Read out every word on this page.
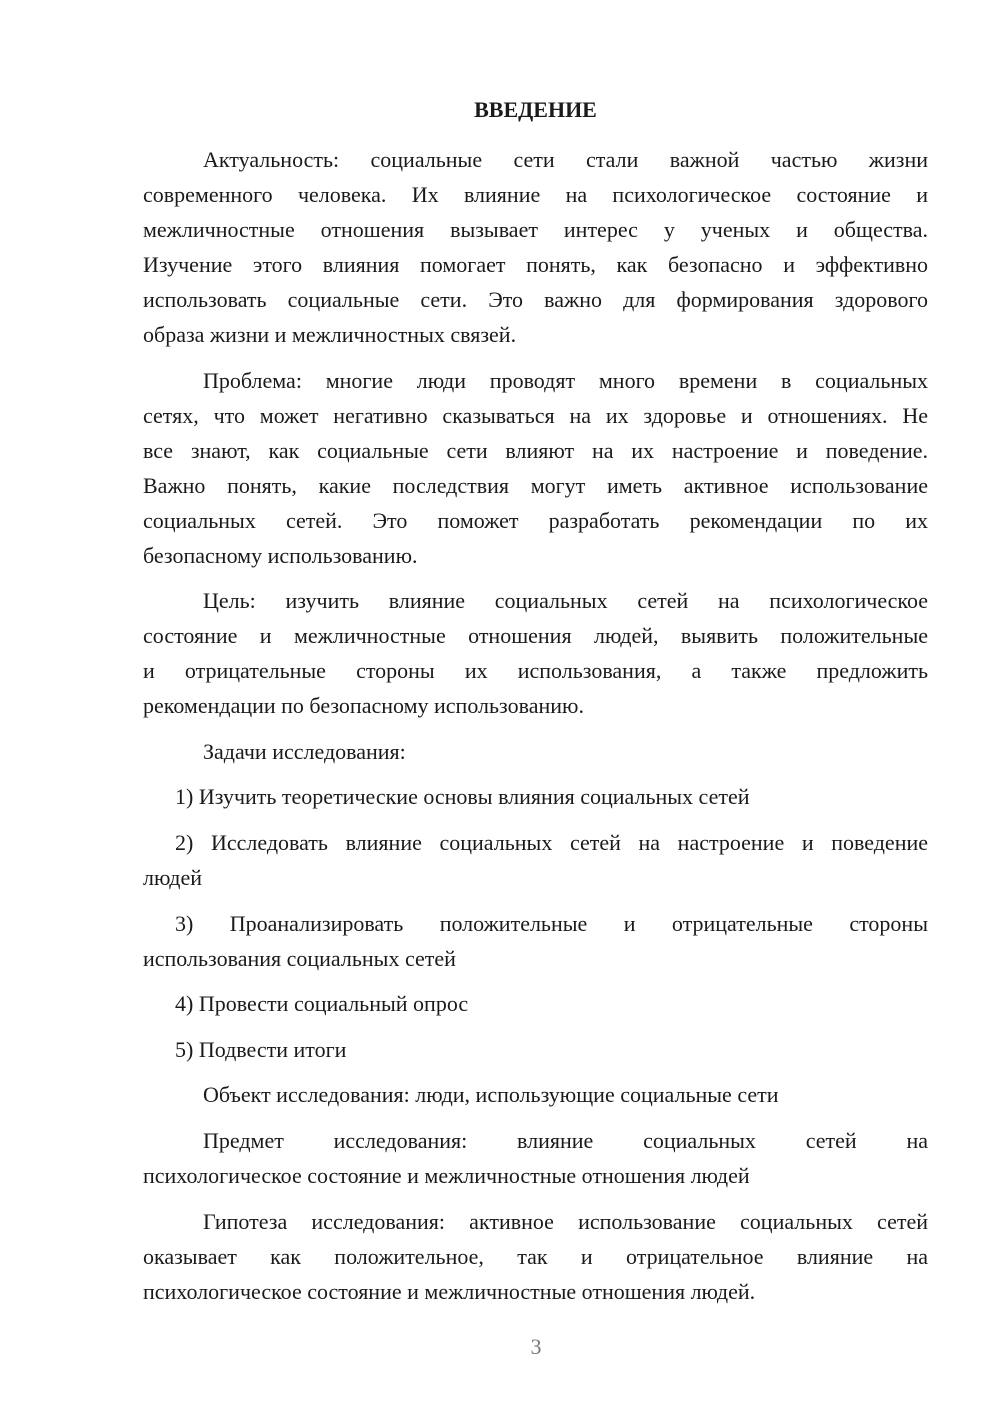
ВВЕДЕНИЕ
Актуальность: социальные сети стали важной частью жизни
современного человека. Их влияние на психологическое состояние и
межличностные отношения вызывает интерес у ученых и общества.
Изучение этого влияния помогает понять, как безопасно и эффективно
использовать социальные сети. Это важно для формирования здорового
образа жизни и межличностных связей.
Проблема: многие люди проводят много времени в социальных
сетях, что может негативно сказываться на их здоровье и отношениях. Не
все знают, как социальные сети влияют на их настроение и поведение.
Важно понять, какие последствия могут иметь активное использование
социальных сетей. Это поможет разработать рекомендации по их
безопасному использованию.
Цель: изучить влияние социальных сетей на психологическое
состояние и межличностные отношения людей, выявить положительные
и отрицательные стороны их использования, а также предложить
рекомендации по безопасному использованию.
Задачи исследования:
1) Изучить теоретические основы влияния социальных сетей
2) Исследовать влияние социальных сетей на настроение и поведение
людей
3) Проанализировать положительные и отрицательные стороны
использования социальных сетей
4) Провести социальный опрос
5) Подвести итоги
Объект исследования: люди, использующие социальные сети
Предмет исследования: влияние социальных сетей на
психологическое состояние и межличностные отношения людей
Гипотеза исследования: активное использование социальных сетей
оказывает как положительное, так и отрицательное влияние на
психологическое состояние и межличностные отношения людей.
3
